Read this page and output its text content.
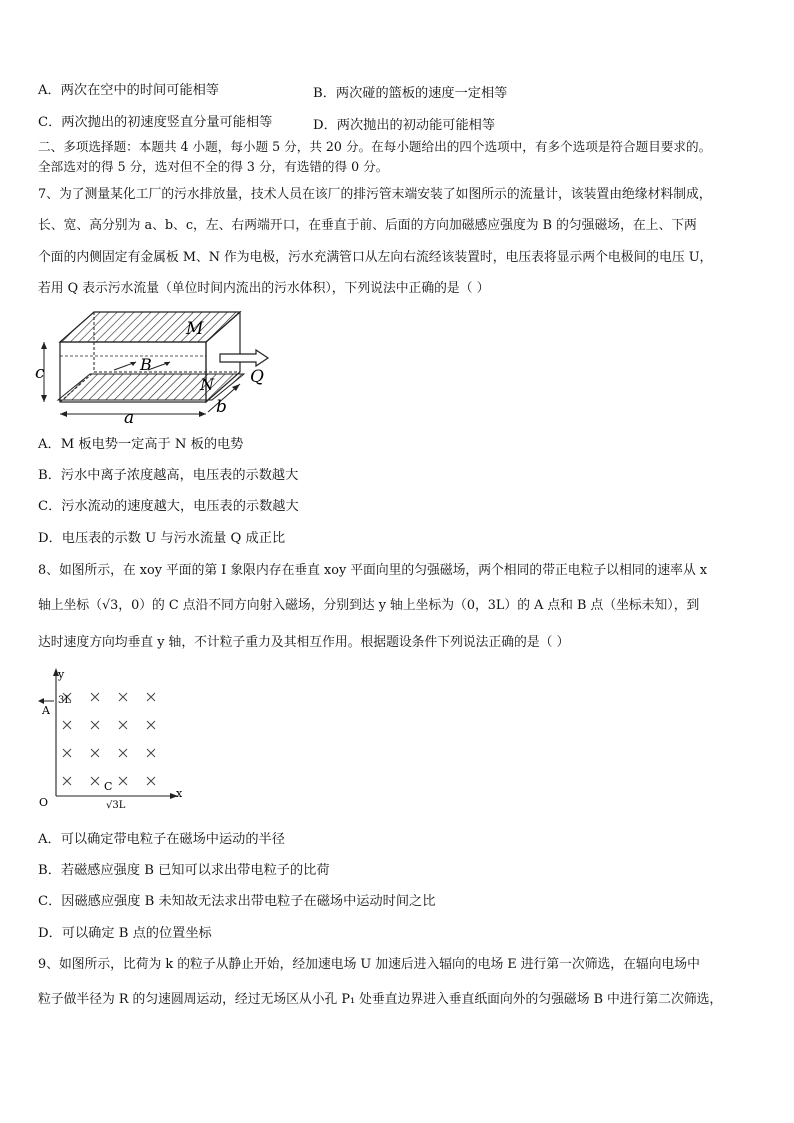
A．两次在空中的时间可能相等	B．两次碰的篮板的速度一定相等
C．两次抛出的初速度竖直分量可能相等	D．两次抛出的初动能可能相等
二、多项选择题：本题共 4 小题，每小题 5 分，共 20 分。在每小题给出的四个选项中，有多个选项是符合题目要求的。
全部选对的得 5 分，选对但不全的得 3 分，有选错的得 0 分。
7、为了测量某化工厂的污水排放量，技术人员在该厂的排污管末端安装了如图所示的流量计，该装置由绝缘材料制成，
长、宽、高分别为 a、b、c，左、右两端开口，在垂直于前、后面的方向加磁感应强度为 B 的匀强磁场，在上、下两
个面的内侧固定有金属板 M、N 作为电极，污水充满管口从左向右流经该装置时，电压表将显示两个电极间的电压 U，
若用 Q 表示污水流量（单位时间内流出的污水体积），下列说法中正确的是（ ）
M
B
N Q
c
a
b
A．M 板电势一定高于 N 板的电势
B．污水中离子浓度越高，电压表的示数越大
C．污水流动的速度越大，电压表的示数越大
D．电压表的示数 U 与污水流量 Q 成正比
8、如图所示，在 xoy 平面的第 I 象限内存在垂直 xoy 平面向里的匀强磁场，两个相同的带正电粒子以相同的速率从 x
轴上坐标（√3，0）的 C 点沿不同方向射入磁场，分别到达 y 轴上坐标为（0，3L）的 A 点和 B 点（坐标未知），到
达时速度方向均垂直 y 轴，不计粒子重力及其相互作用。根据题设条件下列说法正确的是（ ）
y
x
O
A
3L
C
√3L
A．可以确定带电粒子在磁场中运动的半径
B．若磁感应强度 B 已知可以求出带电粒子的比荷
C．因磁感应强度 B 未知故无法求出带电粒子在磁场中运动时间之比
D．可以确定 B 点的位置坐标
9、如图所示，比荷为 k 的粒子从静止开始，经加速电场 U 加速后进入辐向的电场 E 进行第一次筛选，在辐向电场中
粒子做半径为 R 的匀速圆周运动，经过无场区从小孔 P₁ 处垂直边界进入垂直纸面向外的匀强磁场 B 中进行第二次筛选，
